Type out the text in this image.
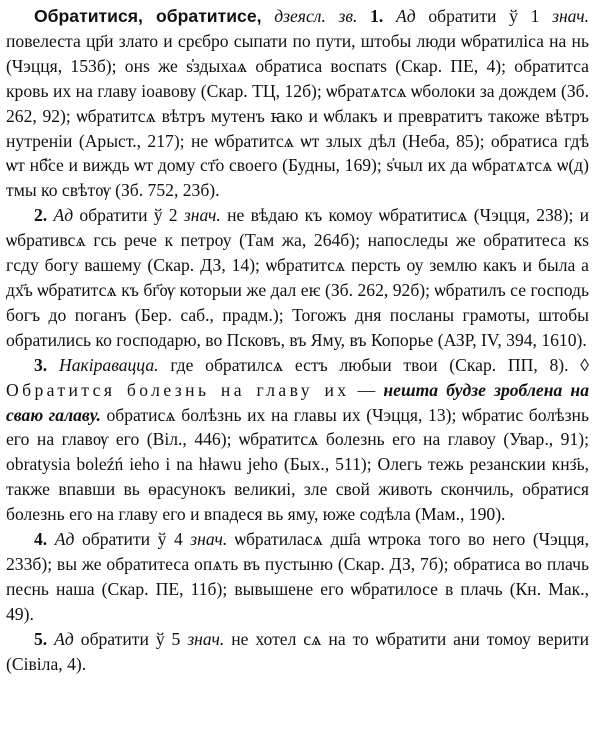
Обратитися, обратитисе, дзеясл. зв. 1. Ад обратити ў 1 знач. повелеста цр҃и злато и срєбро сыпати по пути, штобы люди ѡбратиліса на нь (Чэцця, 153б); онѕ же ѕ҆здыхаѧ обратиса воспатѕ (Скар. ПЕ, 4); обратитса кровь их на главу іоавову (Скар. ТЦ, 12б); ѡбратѧтсѧ ѡболоки за дождем (Зб. 262, 92); ѡбратитсѧ вѣтръ мутенъ ꙗко и ѡблакъ и превратитъ такоже вѣтръ нутреніи (Арыст., 217); не ѡбратитсѧ ѡт злых дѣл (Неба, 85); обратиса гдѣ ѡт нб҃се и виждь ѡт дому ст҃о своего (Будны, 169); ѕ҆чыл их да ѡбратѧтсѧ ѡ(д) тмы ко свѣтѹ (Зб. 752, 23б).

2. Ад обратити ў 2 знач. не вѣдаю къ комоу ѡбратитисѧ (Чэцця, 238); и ѡбративсѧ гсь рече к петроу (Там жа, 264б); напоследы же обратитеса кѕ гсду богу вашему (Скар. ДЗ, 14); ѡбратитсѧ персть оу землю какъ и была а дх҃ъ ѡбратитсѧ къ бг҃ѹ которыи же дал еѥ (Зб. 262, 92б); ѡбратилъ се господь богъ до поганъ (Бер. саб., прадм.); Тогожъ дня посланы грамоты, штобы обратились ко господарю, во Псковъ, въ Яму, въ Копорье (АЗР, IV, 394, 1610).

3. Накіравацца. где обратилсѧ естъ любыи твои (Скар. ПП, 8). ◊ Обратится болезнь на главу их — нешта будзе зроблена на сваю галаву. обратисѧ болѣзнь их на главы их (Чэцця, 13); ѡбратис болѣзнь его на главѹ его (Віл., 446); ѡбратитсѧ болезнь его на главоу (Увар., 91); obratysia boleźń ieho i na hławu jeho (Бых., 511); Олегь тежь резанскии кнз҃ь, также впавши вь ѳрасунокъ великиі, зле свой животь скончиль, обратися болезнь его на главу его и впадеся вь яму, юже содѣла (Мам., 190).

4. Ад обратити ў 4 знач. ѡбратиласѧ дш҃а ѡтрока того во него (Чэцця, 233б); вы же обратитеса опѧть въ пустыню (Скар. ДЗ, 7б); обратиса во плачь песнь наша (Скар. ПЕ, 11б); вывышене его ѡбратилосе в плачь (Кн. Мак., 49).

5. Ад обратити ў 5 знач. не хотел сѧ на то ѡбратити ани томоу верити (Сівіла, 4).
